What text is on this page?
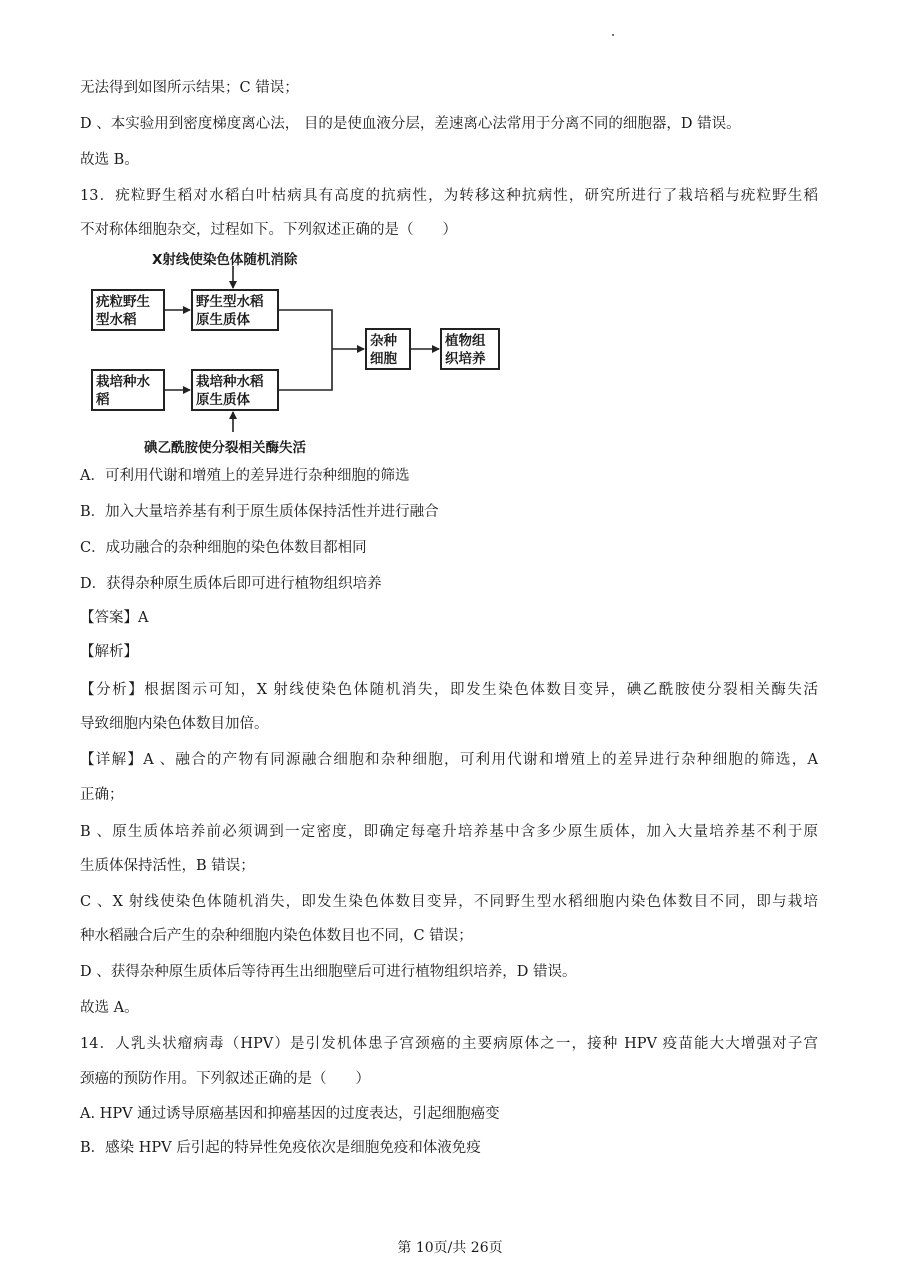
无法得到如图所示结果；C 错误；
D 、本实验用到密度梯度离心法， 目的是使血液分层，差速离心法常用于分离不同的细胞器，D 错误。
故选 B。
13．疣粒野生稻对水稻白叶枯病具有高度的抗病性，为转移这种抗病性，研究所进行了栽培稻与疣粒野生稻
不对称体细胞杂交，过程如下。下列叙述正确的是（　　）
X射线使染色体随机消除
疣粒野生型水稻
野生型水稻原生质体
栽培种水稻
栽培种水稻原生质体
杂种细胞
植物组织培养
碘乙酰胺使分裂相关酶失活
A．可利用代谢和增殖上的差异进行杂种细胞的筛选
B．加入大量培养基有利于原生质体保持活性并进行融合
C．成功融合的杂种细胞的染色体数目都相同
D．获得杂种原生质体后即可进行植物组织培养
【答案】A
【解析】
【分析】根据图示可知，X 射线使染色体随机消失，即发生染色体数目变异，碘乙酰胺使分裂相关酶失活
导致细胞内染色体数目加倍。
【详解】A 、融合的产物有同源融合细胞和杂种细胞，可利用代谢和增殖上的差异进行杂种细胞的筛选，A
正确；
B 、原生质体培养前必须调到一定密度，即确定每毫升培养基中含多少原生质体，加入大量培养基不利于原
生质体保持活性，B 错误；
C 、X 射线使染色体随机消失，即发生染色体数目变异，不同野生型水稻细胞内染色体数目不同，即与栽培
种水稻融合后产生的杂种细胞内染色体数目也不同，C 错误；
D 、获得杂种原生质体后等待再生出细胞壁后可进行植物组织培养，D 错误。
故选 A。
14．人乳头状瘤病毒（HPV）是引发机体患子宫颈癌的主要病原体之一，接种 HPV 疫苗能大大增强对子宫
颈癌的预防作用。下列叙述正确的是（　　）
A. HPV 通过诱导原癌基因和抑癌基因的过度表达，引起细胞癌变
B．感染 HPV 后引起的特异性免疫依次是细胞免疫和体液免疫
第 10页/共 26页
